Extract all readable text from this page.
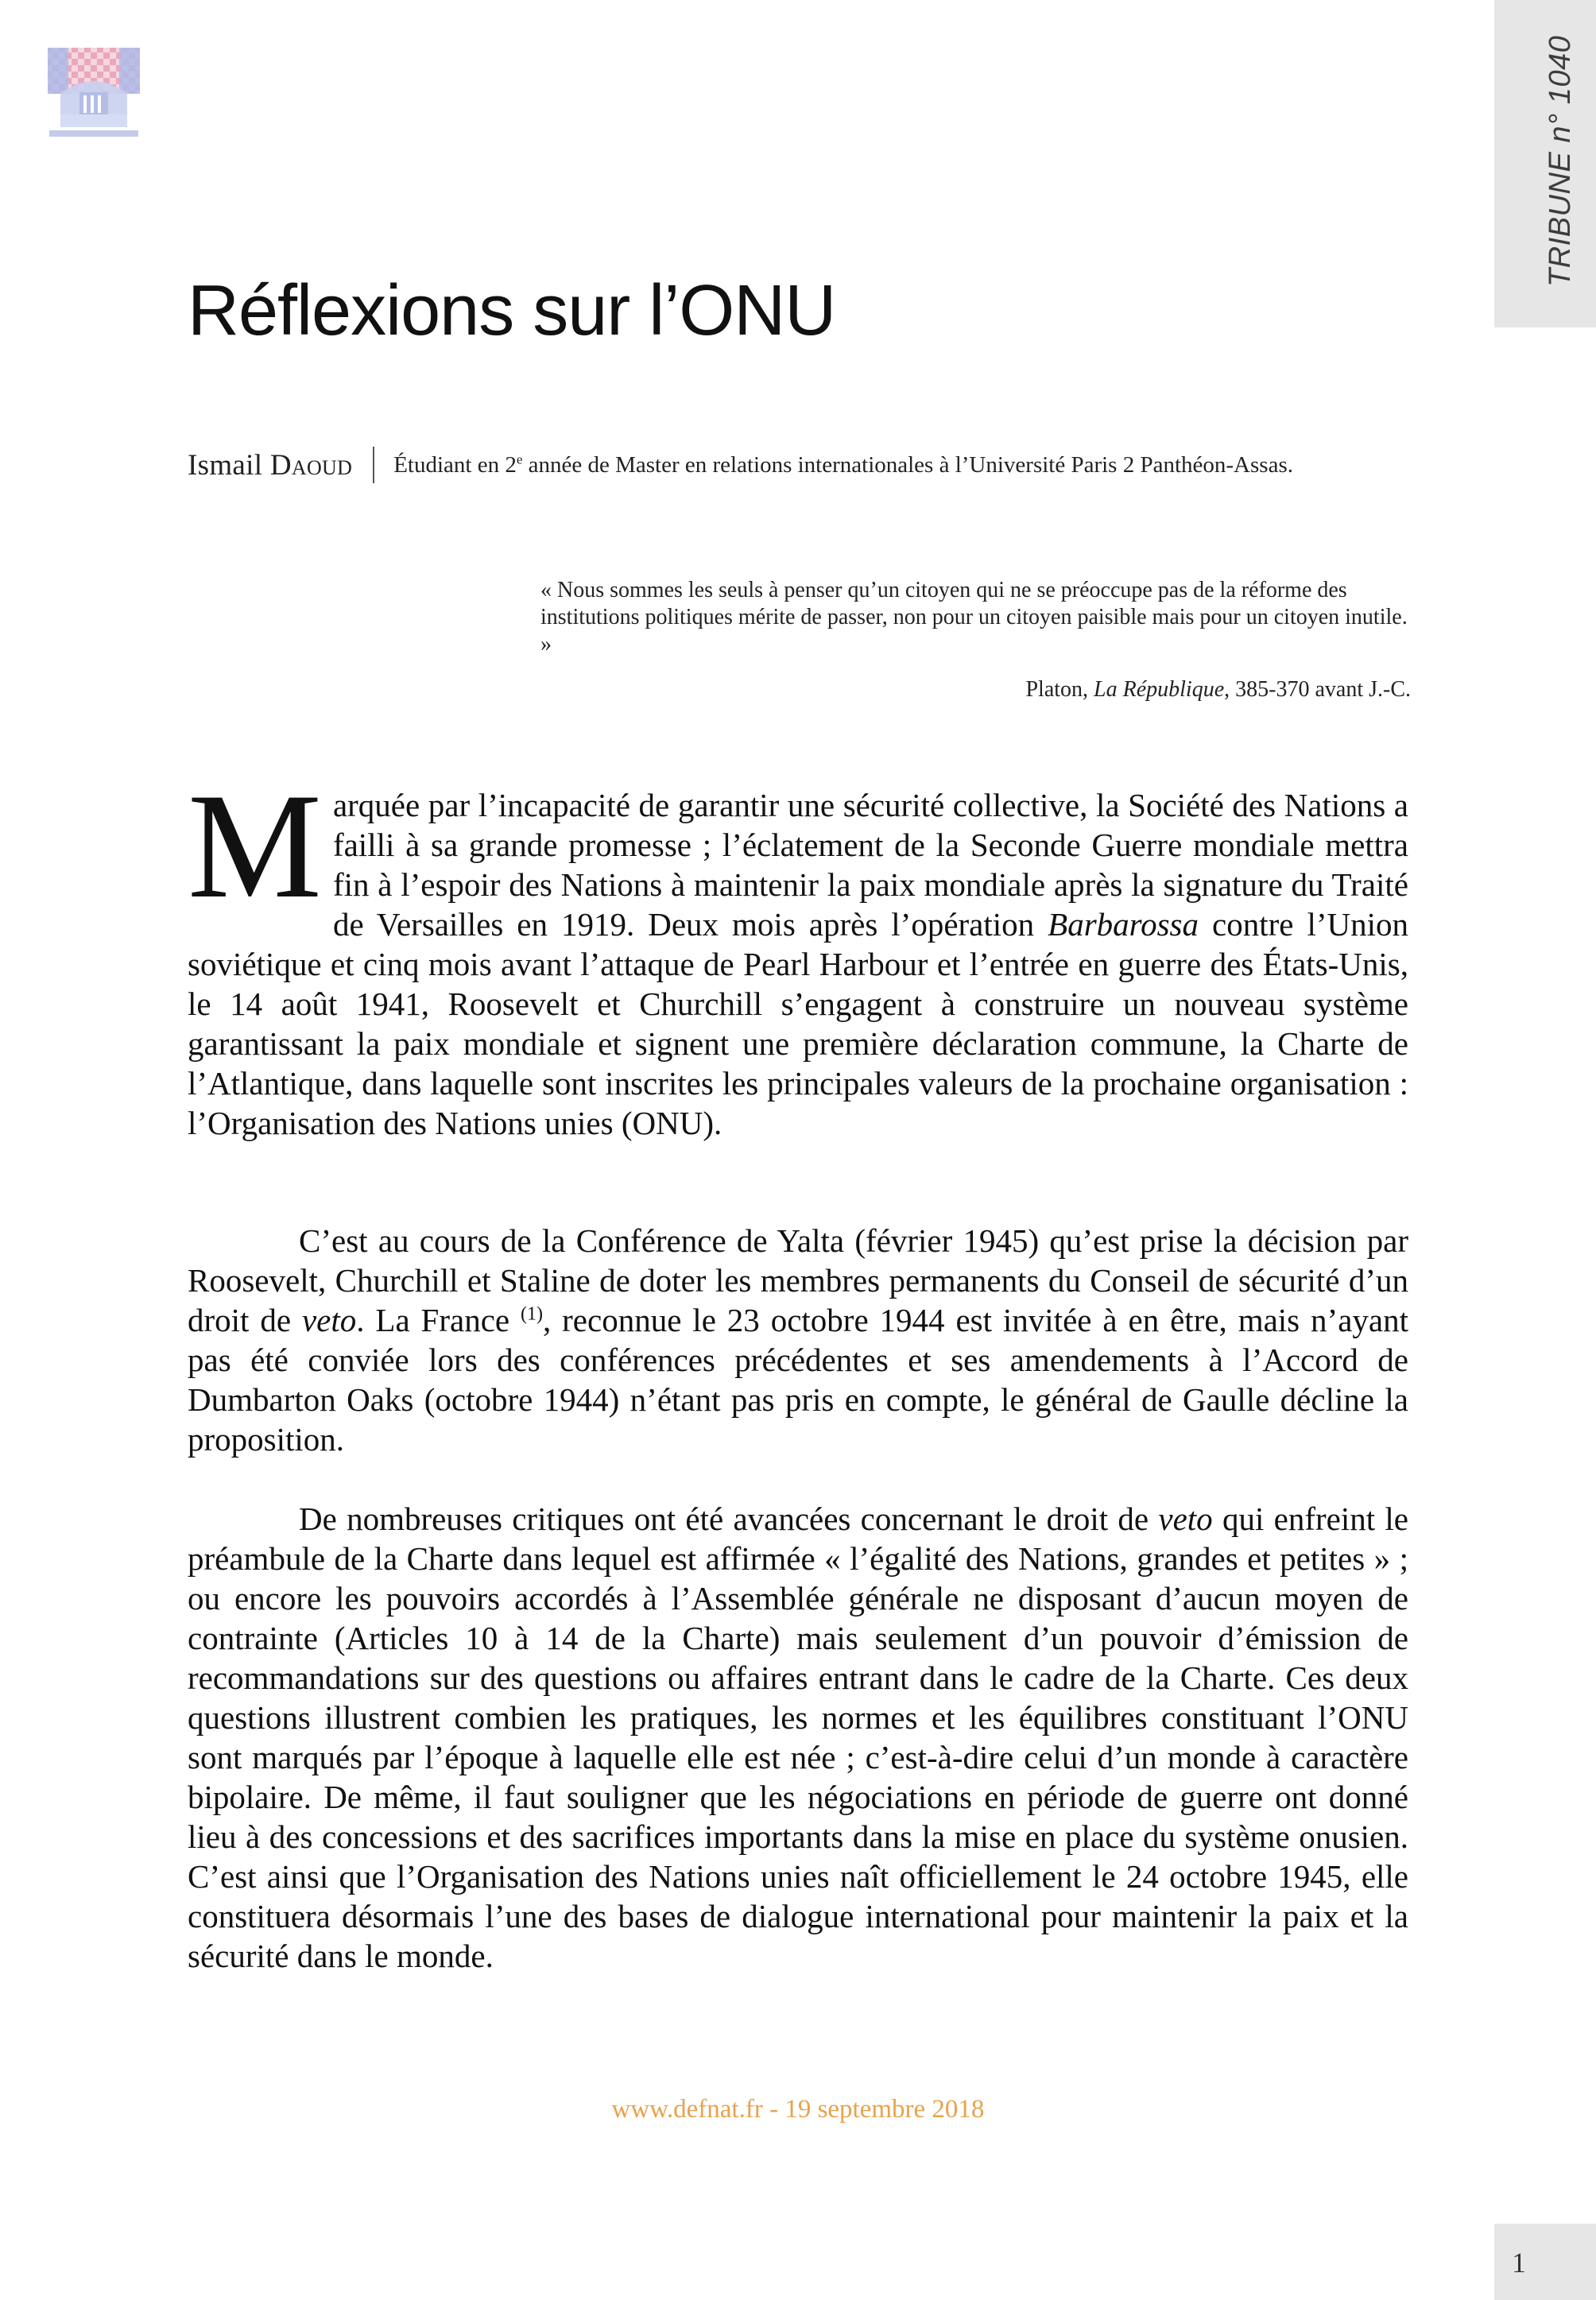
TRIBUNE n° 1040
Réflexions sur l’ONU
Ismail Daoud Étudiant en 2e année de Master en relations internationales à l’Université Paris 2 Panthéon-Assas.
« Nous sommes les seuls à penser qu’un citoyen qui ne se préoccupe pas de la réforme des institutions politiques mérite de passer, non pour un citoyen paisible mais pour un citoyen inutile. »
Platon, La République, 385-370 avant J.-C.

Marquée par l’incapacité de garantir une sécurité collective, la Société des Nations a failli à sa grande promesse ; l’éclatement de la Seconde Guerre mondiale mettra fin à l’espoir des Nations à maintenir la paix mondiale après la signature du Traité de Versailles en 1919. Deux mois après l’opération Barbarossa contre l’Union soviétique et cinq mois avant l’attaque de Pearl Harbour et l’entrée en guerre des États-Unis, le 14 août 1941, Roosevelt et Churchill s’engagent à construire un nouveau système garantissant la paix mondiale et signent une première déclaration commune, la Charte de l’Atlantique, dans laquelle sont inscrites les principales valeurs de la prochaine organisation : l’Organisation des Nations unies (ONU).

C’est au cours de la Conférence de Yalta (février 1945) qu’est prise la décision par Roosevelt, Churchill et Staline de doter les membres permanents du Conseil de sécurité d’un droit de veto. La France $^{(1)}$, reconnue le 23 octobre 1944 est invitée à en être, mais n’ayant pas été conviée lors des conférences précédentes et ses amendements à l’Accord de Dumbarton Oaks (octobre 1944) n’étant pas pris en compte, le général de Gaulle décline la proposition.

De nombreuses critiques ont été avancées concernant le droit de veto qui enfreint le préambule de la Charte dans lequel est affirmée « l’égalité des Nations, grandes et petites » ; ou encore les pouvoirs accordés à l’Assemblée générale ne disposant d’aucun moyen de contrainte (Articles 10 à 14 de la Charte) mais seulement d’un pouvoir d’émission de recommandations sur des questions ou affaires entrant dans le cadre de la Charte. Ces deux questions illustrent combien les pratiques, les normes et les équilibres constituant l’ONU sont marqués par l’époque à laquelle elle est née ; c’est-à-dire celui d’un monde à caractère bipolaire. De même, il faut souligner que les négociations en période de guerre ont donné lieu à des concessions et des sacrifices importants dans la mise en place du système onusien. C’est ainsi que l’Organisation des Nations unies naît officiellement le 24 octobre 1945, elle constituera désormais l’une des bases de dialogue international pour maintenir la paix et la sécurité dans le monde.

www.defnat.fr - 19 septembre 2018
1
